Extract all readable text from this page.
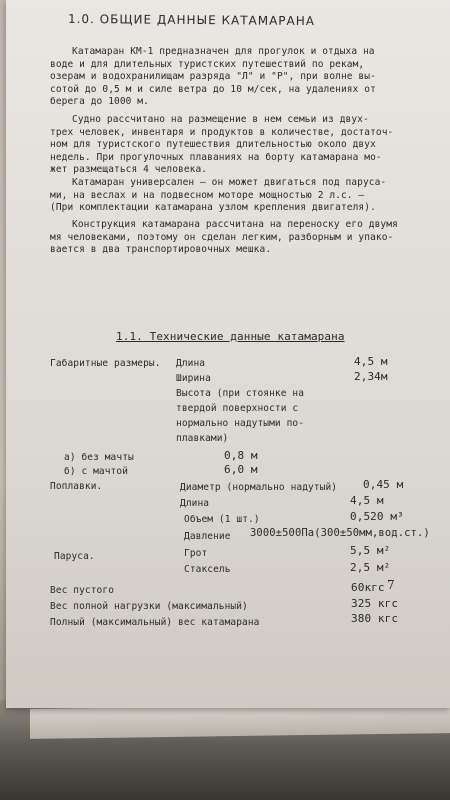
1.0. ОБЩИЕ ДАННЫЕ КАТАМАРАНА
Катамаран КМ-1 предназначен для прогулок и отдыха на
воде и для длительных туристских путешествий по рекам,
озерам и водохранилищам разряда "Л" и "Р", при волне вы-
сотой до 0,5 м и силе ветра до 10 м/сек, на удалениях от
берега до 1000 м.
Судно рассчитано на размещение в нем семьи из двух-
трех человек, инвентаря и продуктов в количестве, достаточ-
ном для туристского путешествия длительностью около двух
недель. При прогулочных плаваниях на борту катамарана мо-
жет размещаться 4 человека.
Катамаран универсален — он может двигаться под парусa-
ми, на веслах и на подвесном моторе мощностью 2 л.с. —
(При комплектации катамарана узлом крепления двигателя).
Конструкция катамарана рассчитана на переноску его двумя
мя человеками, поэтому он сделан легким, разборным и упако-
вается в два транспортировочных мешка.
1.1. Технические данные катамарана
Габаритные размеры. Длина	4,5 м
Ширина	2,34м
Высота (при стоянке на
твердой поверхности с
нормально надутыми по-
плавками)
а) без мачты	0,8 м
б) с мачтой	6,0 м
Поплавки.	Диаметр (нормально надутый) 0,45 м
Длина	4,5 м
Объем (1 шт.)	0,520 м³
Давление 3000±500Па(300±50мм,вод.ст.)
Паруса.	Грот	5,5 м²
Стаксель	2,5 м²
Вес пустого	60кгс
Вес полной нагрузки (максимальный)	325 кгс
Полный (максимальный) вес катамарана	380 кгс
7
